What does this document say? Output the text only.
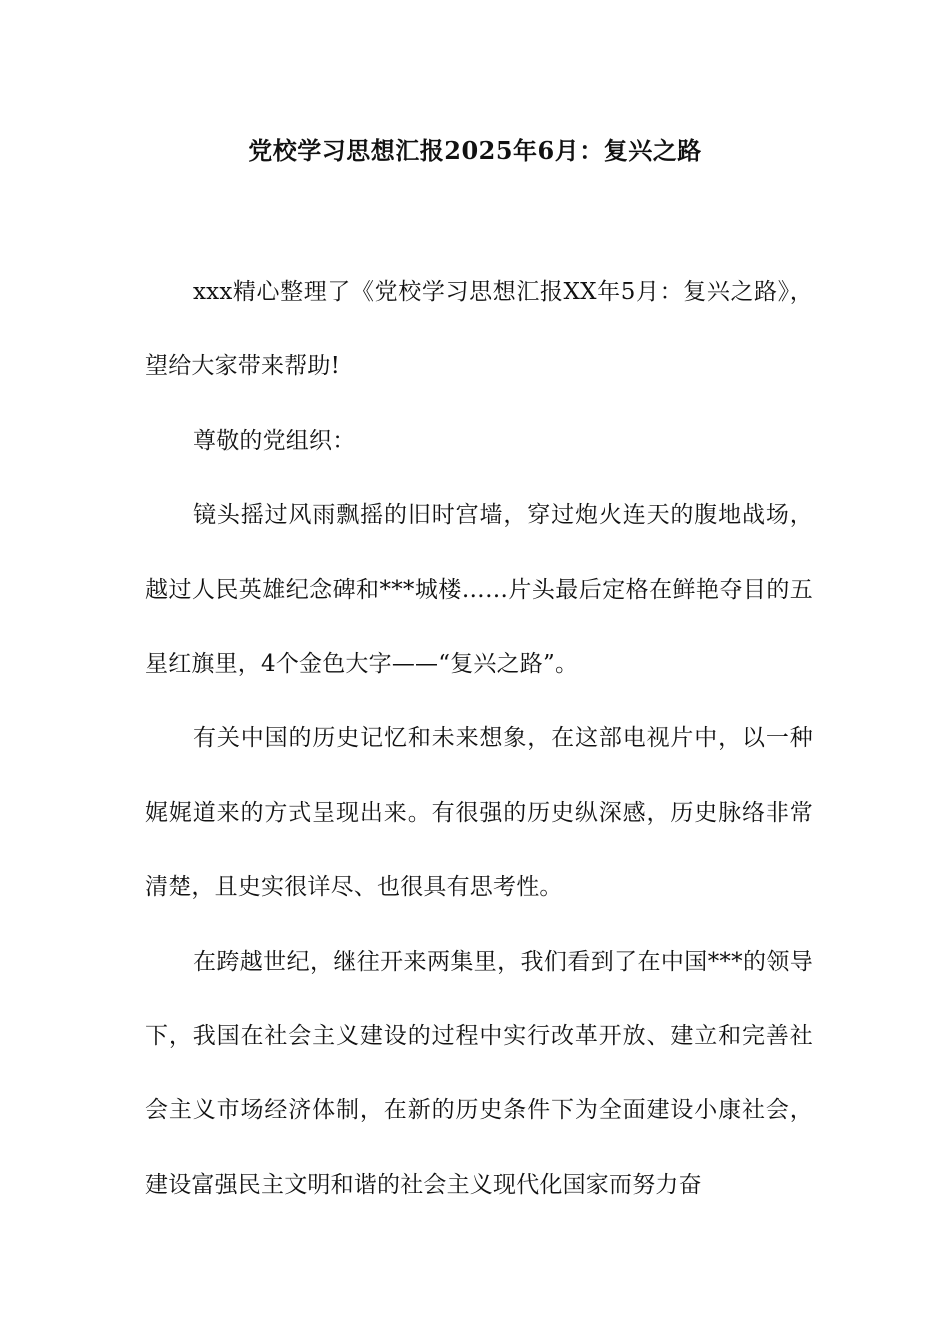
党校学习思想汇报2025年6月：复兴之路

xxx精心整理了《党校学习思想汇报XX年5月：复兴之路》，望给大家带来帮助!

尊敬的党组织：

镜头摇过风雨飘摇的旧时宫墙，穿过炮火连天的腹地战场，越过人民英雄纪念碑和***城楼……片头最后定格在鲜艳夺目的五星红旗里，4个金色大字——“复兴之路”。

有关中国的历史记忆和未来想象，在这部电视片中，以一种娓娓道来的方式呈现出来。有很强的历史纵深感，历史脉络非常清楚，且史实很详尽、也很具有思考性。

在跨越世纪，继往开来两集里，我们看到了在中国***的领导下，我国在社会主义建设的过程中实行改革开放、建立和完善社会主义市场经济体制，在新的历史条件下为全面建设小康社会，建设富强民主文明和谐的社会主义现代化国家而努力奋
